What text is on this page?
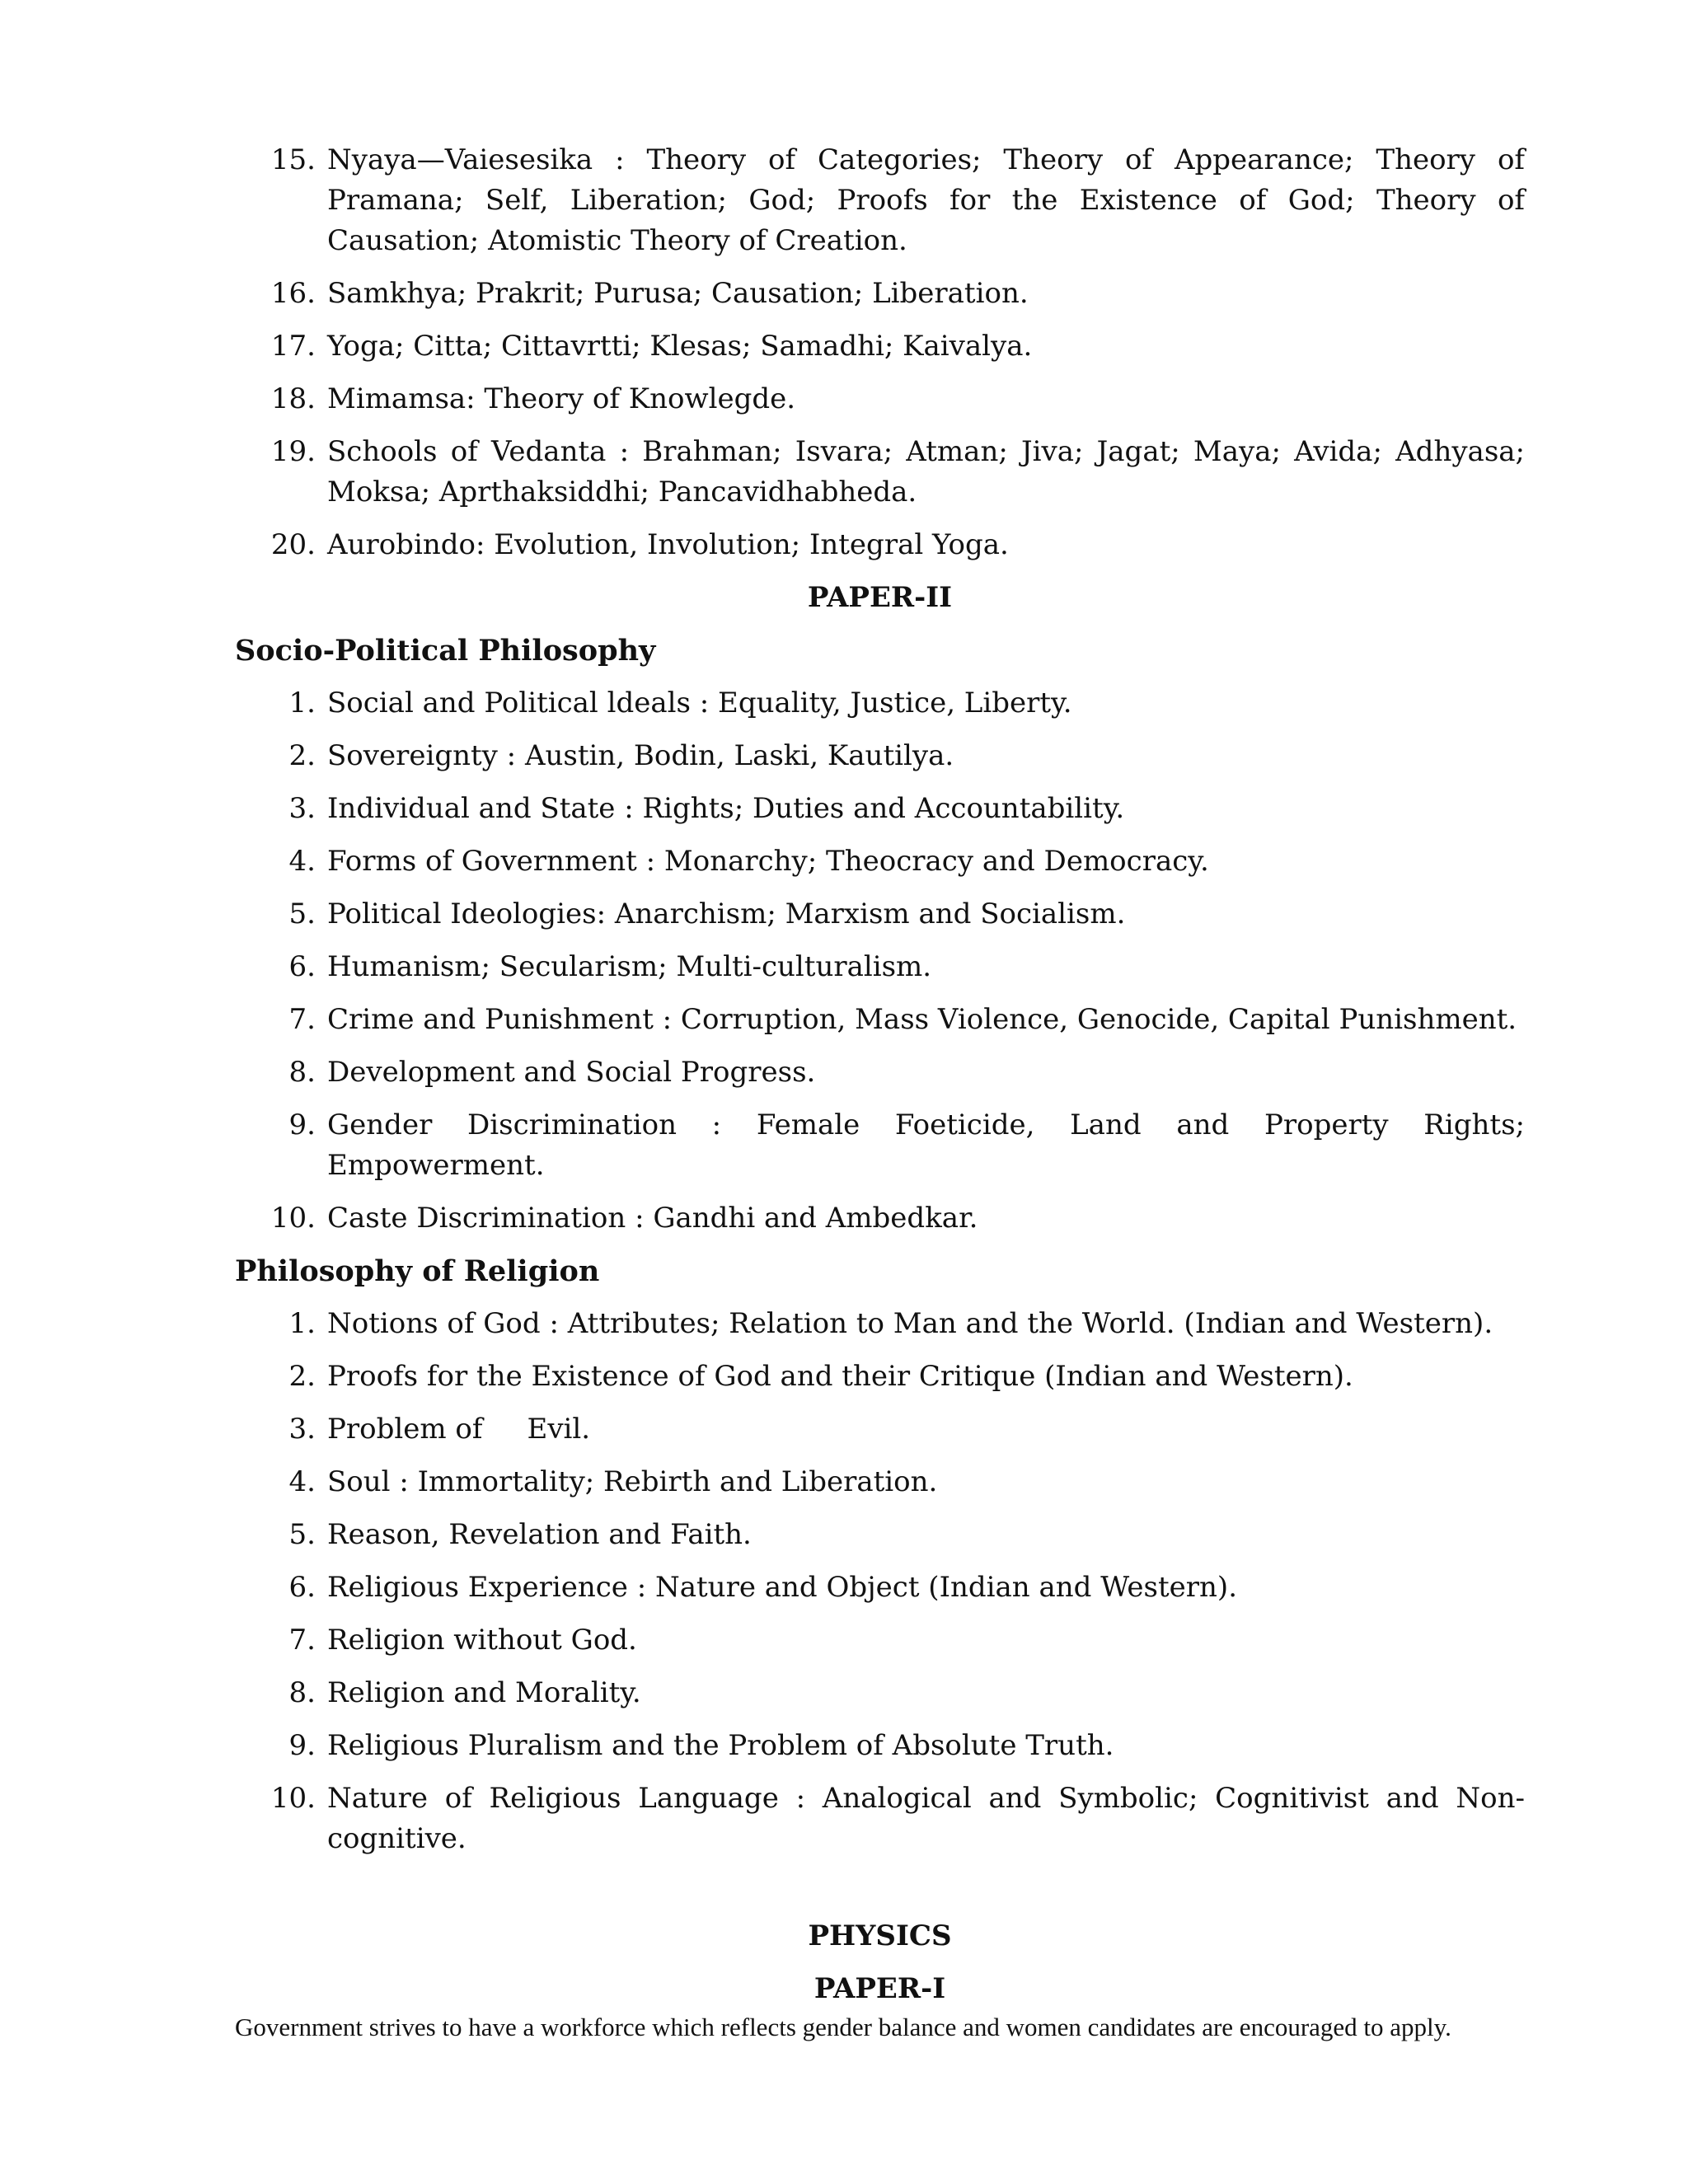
15. Nyaya—Vaiesesika : Theory of Categories; Theory of Appearance; Theory of Pramana; Self, Liberation; God; Proofs for the Existence of God; Theory of Causation; Atomistic Theory of Creation.
16. Samkhya; Prakrit; Purusa; Causation; Liberation.
17. Yoga; Citta; Cittavrtti; Klesas; Samadhi; Kaivalya.
18. Mimamsa: Theory of Knowlegde.
19. Schools of Vedanta : Brahman; Isvara; Atman; Jiva; Jagat; Maya; Avida; Adhyasa; Moksa; Aprthaksiddhi; Pancavidhabheda.
20. Aurobindo: Evolution, Involution; Integral Yoga.
PAPER-II
Socio-Political Philosophy
1. Social and Political ldeals : Equality, Justice, Liberty.
2. Sovereignty : Austin, Bodin, Laski, Kautilya.
3. Individual and State : Rights; Duties and Accountability.
4. Forms of Government : Monarchy; Theocracy and Democracy.
5. Political Ideologies: Anarchism; Marxism and Socialism.
6. Humanism; Secularism; Multi-culturalism.
7. Crime and Punishment : Corruption, Mass Violence, Genocide, Capital Punishment.
8. Development and Social Progress.
9. Gender Discrimination : Female Foeticide, Land and Property Rights; Empowerment.
10. Caste Discrimination : Gandhi and Ambedkar.
Philosophy of Religion
1. Notions of God : Attributes; Relation to Man and the World. (Indian and Western).
2. Proofs for the Existence of God and their Critique (Indian and Western).
3. Problem of     Evil.
4. Soul : Immortality; Rebirth and Liberation.
5. Reason, Revelation and Faith.
6. Religious Experience : Nature and Object (Indian and Western).
7. Religion without God.
8. Religion and Morality.
9. Religious Pluralism and the Problem of Absolute Truth.
10. Nature of Religious Language : Analogical and Symbolic; Cognitivist and Non-cognitive.
PHYSICS
PAPER-I
Government strives to have a workforce which reflects gender balance and women candidates are encouraged to apply.
